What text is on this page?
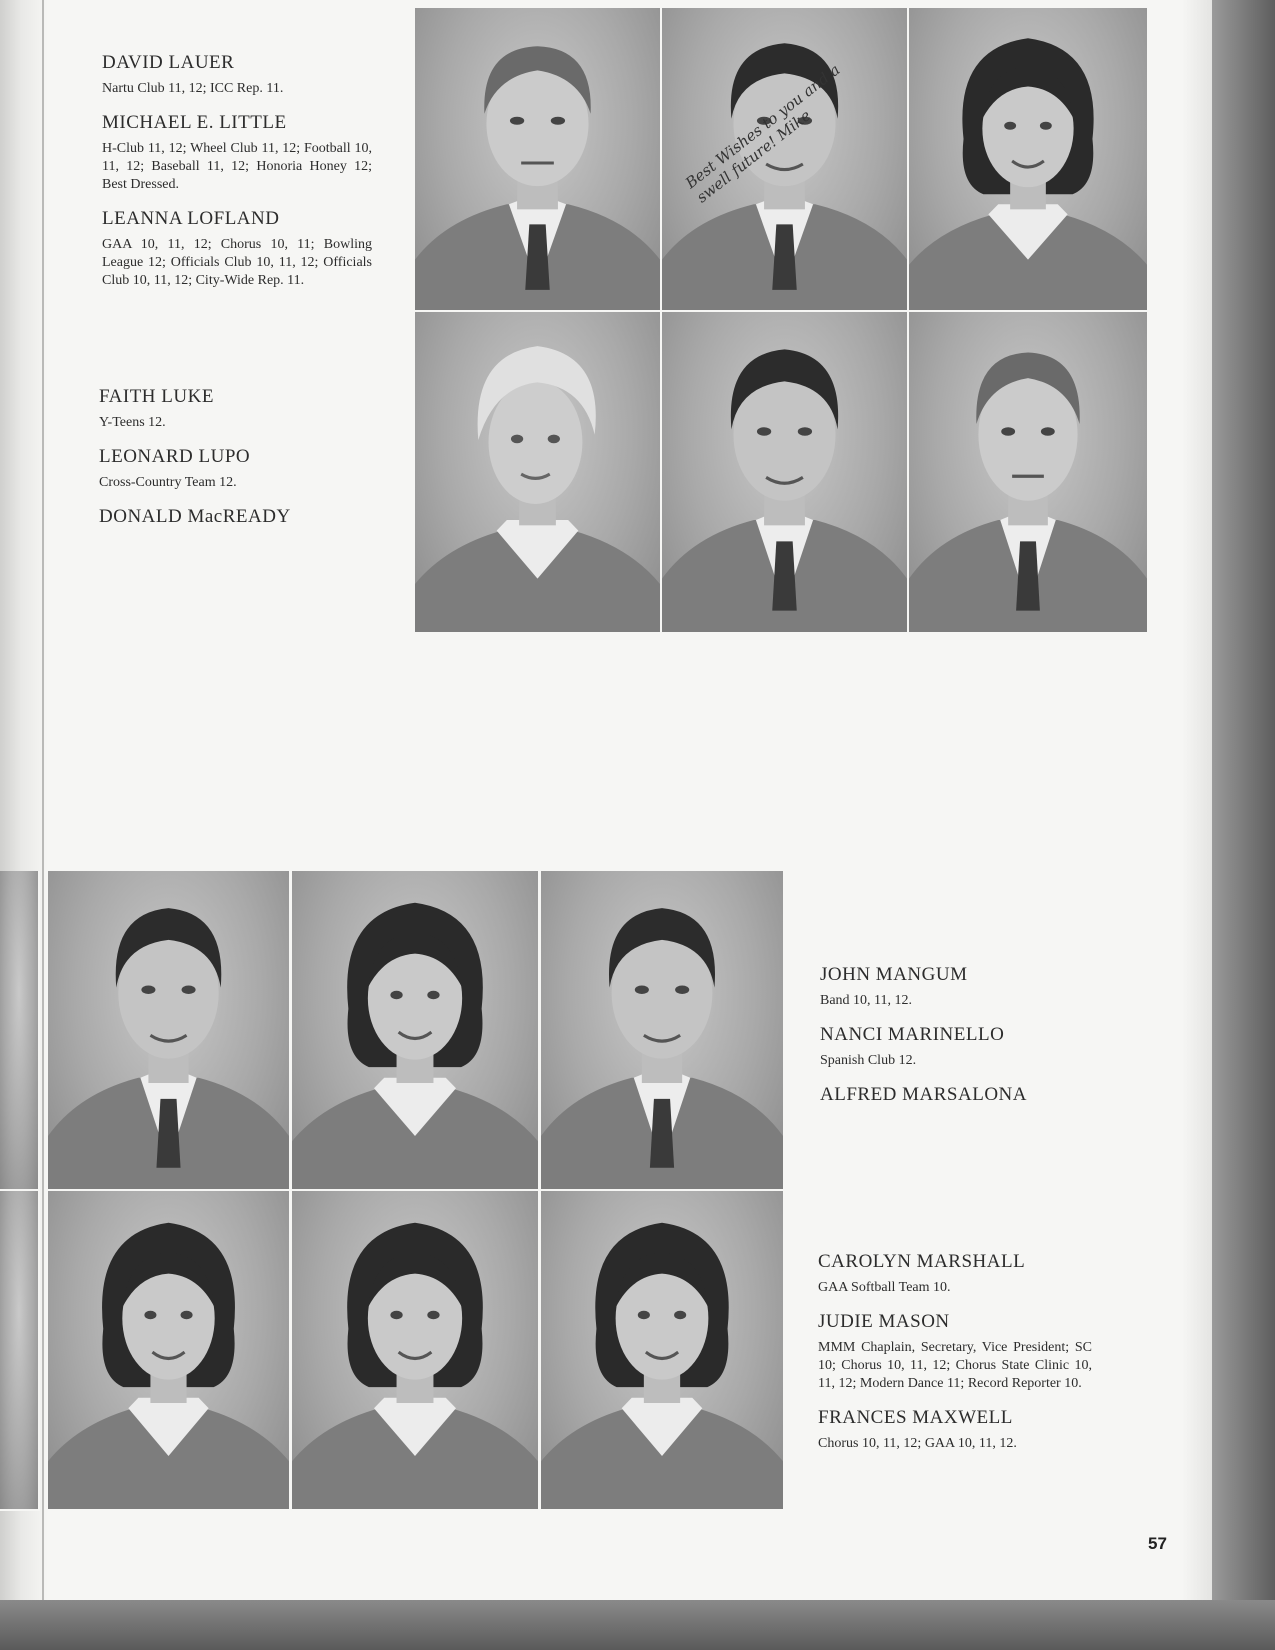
DAVID LAUER
Nartu Club 11, 12; ICC Rep. 11.
MICHAEL E. LITTLE
H-Club 11, 12; Wheel Club 11, 12; Football 10, 11, 12; Baseball 11, 12; Honoria Honey 12; Best Dressed.
LEANNA LOFLAND
GAA 10, 11, 12; Chorus 10, 11; Bowling League 12; Officials Club 10, 11, 12; Officials Club 10, 11, 12; City-Wide Rep. 11.
FAITH LUKE
Y-Teens 12.
LEONARD LUPO
Cross-Country Team 12.
DONALD MacREADY
Best Wishes to you and a swell future! Mike
JOHN MANGUM
Band 10, 11, 12.
NANCI MARINELLO
Spanish Club 12.
ALFRED MARSALONA
CAROLYN MARSHALL
GAA Softball Team 10.
JUDIE MASON
MMM Chaplain, Secretary, Vice President; SC 10; Chorus 10, 11, 12; Chorus State Clinic 10, 11, 12; Modern Dance 11; Record Reporter 10.
FRANCES MAXWELL
Chorus 10, 11, 12; GAA 10, 11, 12.
57
